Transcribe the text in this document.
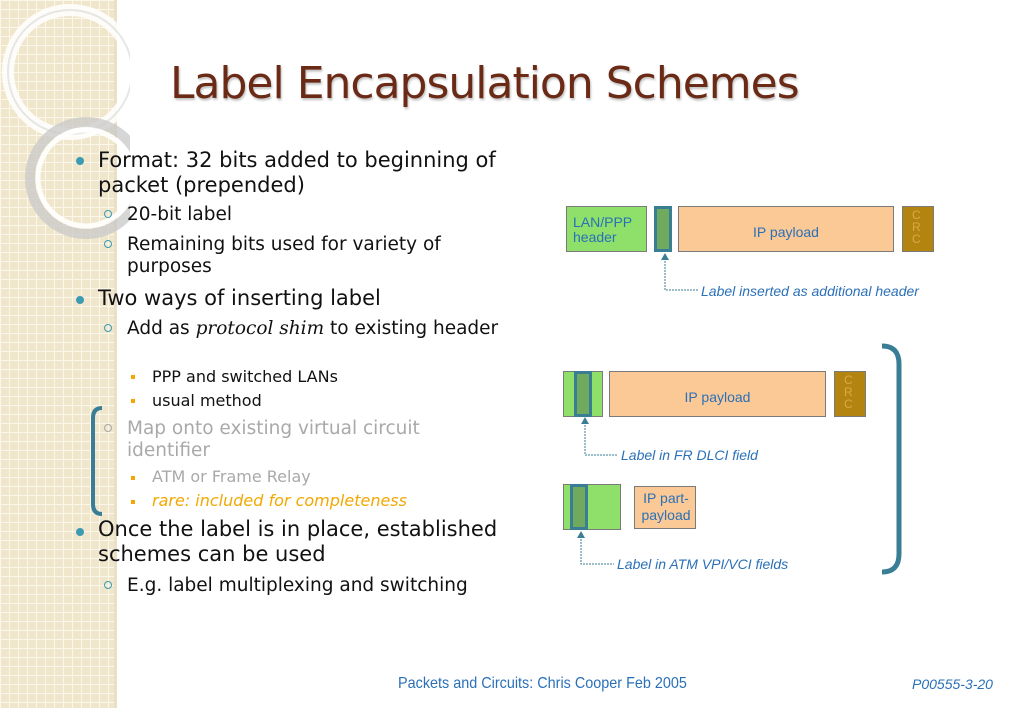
Label Encapsulation Schemes
Format: 32 bits added to beginning of packet (prepended)
20-bit label
Remaining bits used for variety of purposes
Two ways of inserting label
Add as protocol shim to existing header
PPP and switched LANs
usual method
Map onto existing virtual circuit identifier
ATM or Frame Relay
rare: included for completeness
Once the label is in place, established schemes can be used
E.g. label multiplexing and switching
LAN/PPP header	IP payload
CRC
Label inserted as additional header
IP payload
CRC
Label in FR DLCI field
IP part-payload
Label in ATM VPI/VCI fields
Packets and Circuits: Chris Cooper Feb 2005	P00555-3-20
